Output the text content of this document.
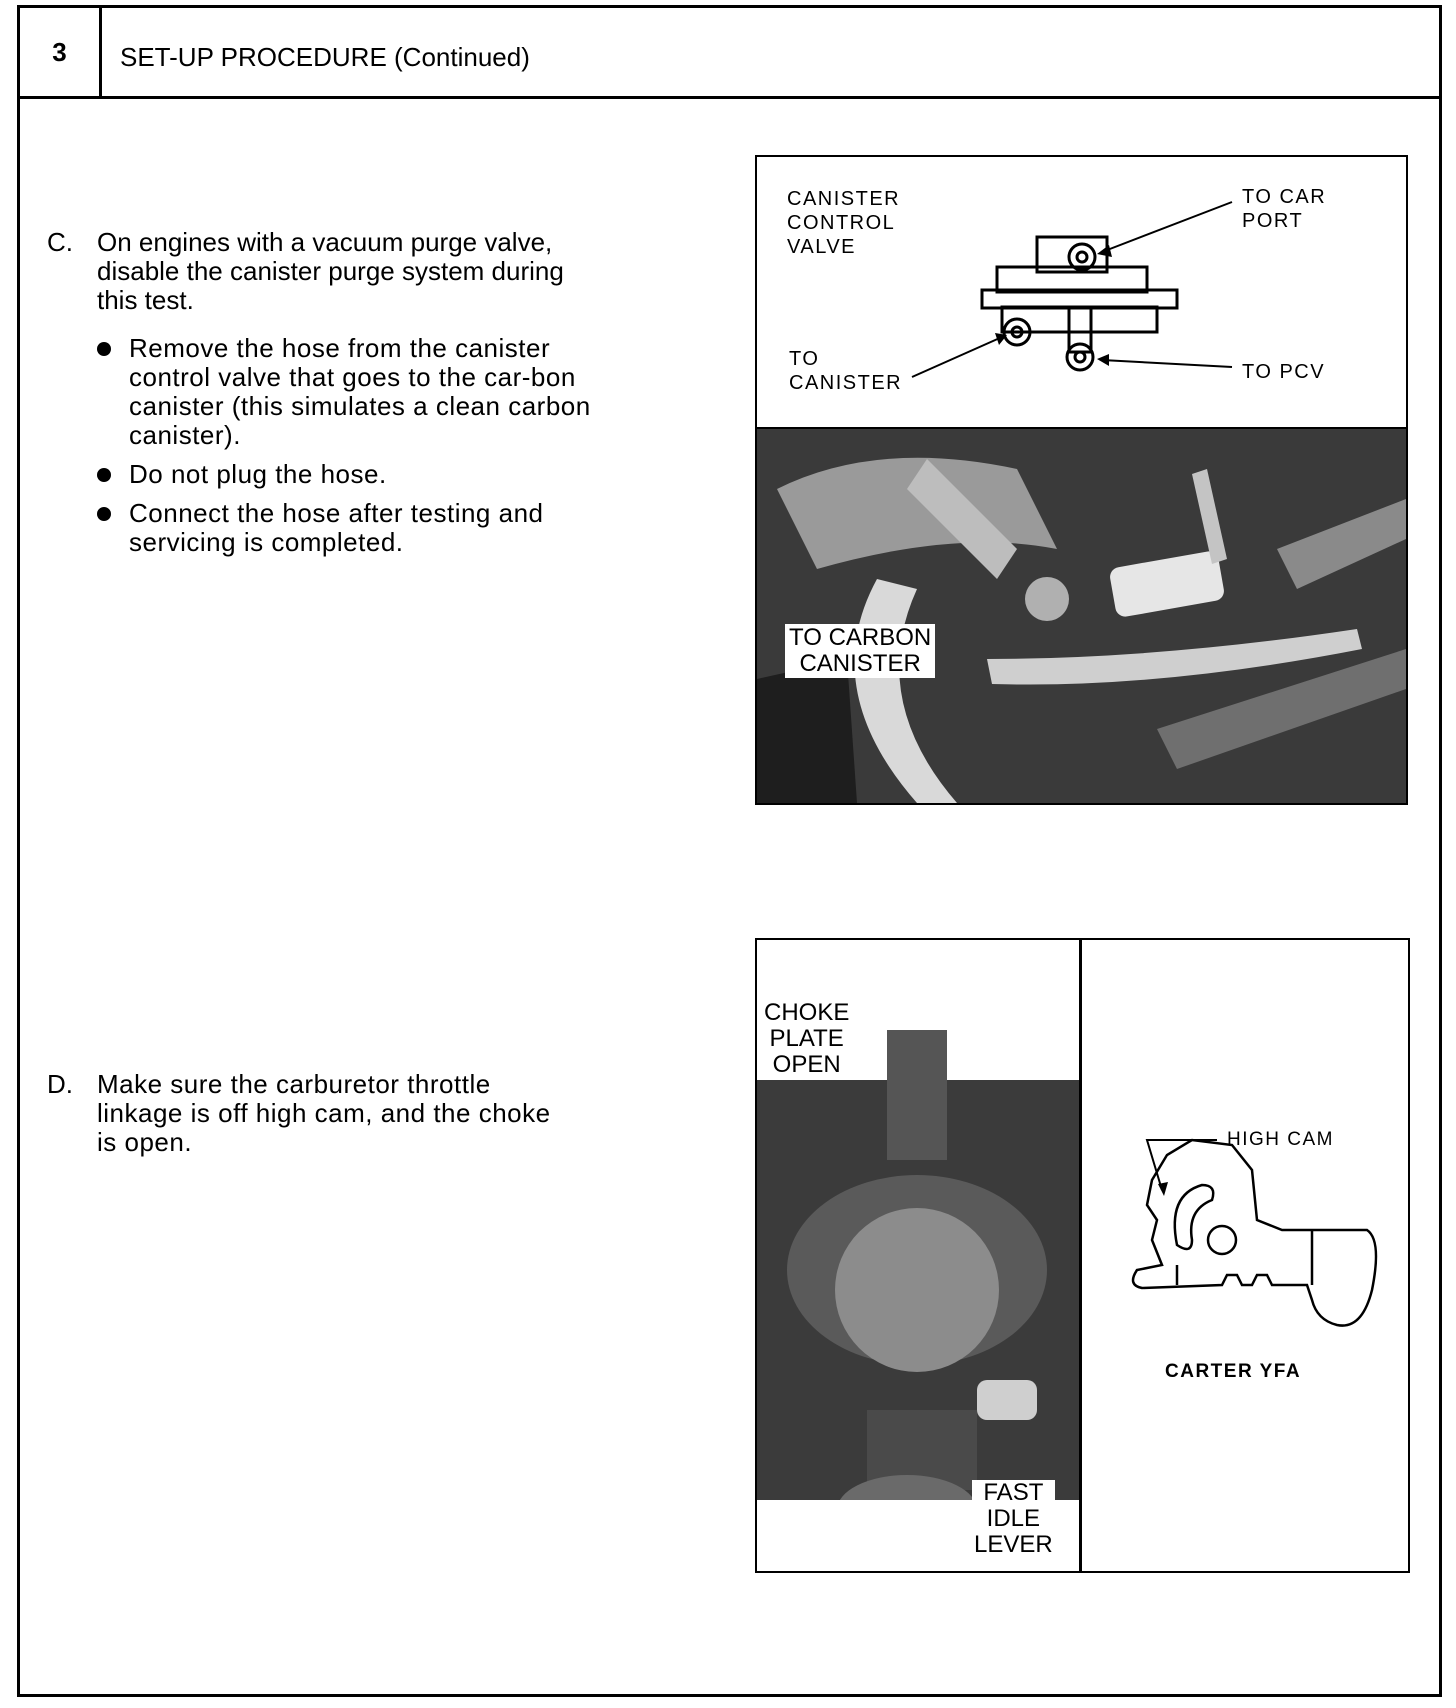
3	SET-UP PROCEDURE (Continued)
C. On engines with a vacuum purge valve, disable the canister purge system during this test.
Remove the hose from the canister control valve that goes to the car-bon canister (this simulates a clean carbon canister).
Do not plug the hose.
Connect the hose after testing and servicing is completed.
CANISTER
CONTROL
VALVE
TO CAR
PORT
TO
CANISTER	TO PCV
TO CARBON
CANISTER
D. Make sure the carburetor throttle linkage is off high cam, and the choke is open.
CHOKE
PLATE
OPEN
FAST
IDLE
LEVER
HIGH CAM
CARTER YFA
